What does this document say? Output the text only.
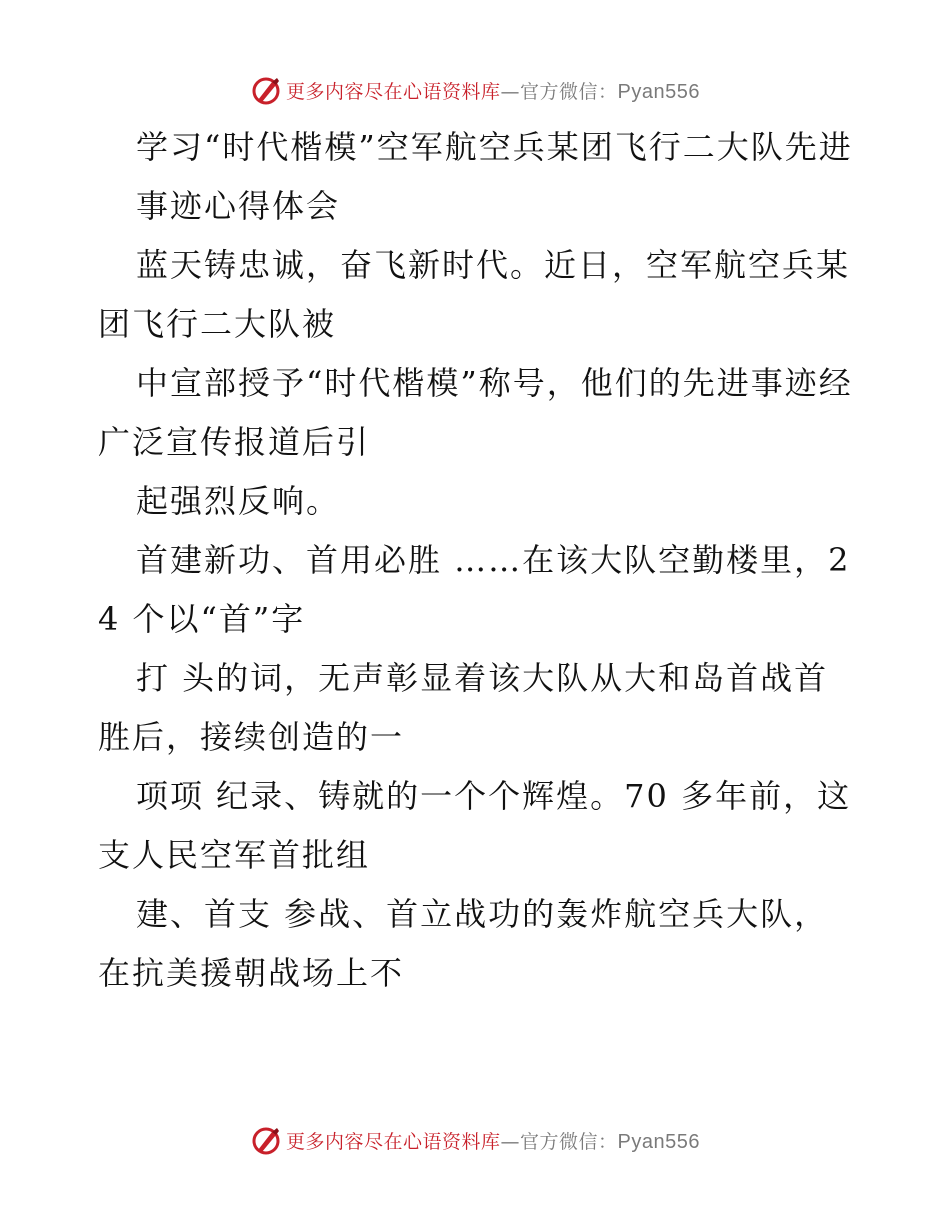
更多内容尽在心语资料库—官方微信：Pyan556

学习“时代楷模”空军航空兵某团飞行二大队先进

事迹心得体会

蓝天铸忠诚，奋飞新时代。近日，空军航空兵某团飞行二大队被

中宣部授予“时代楷模”称号，他们的先进事迹经广泛宣传报道后引

起强烈反响。

首建新功、首用必胜 ……在该大队空勤楼里，24 个以“首”字

打 头的词，无声彰显着该大队从大和岛首战首胜后，接续创造的一

项项 纪录、铸就的一个个辉煌。70 多年前，这支人民空军首批组

建、首支 参战、首立战功的轰炸航空兵大队，在抗美援朝战场上不

更多内容尽在心语资料库—官方微信：Pyan556
